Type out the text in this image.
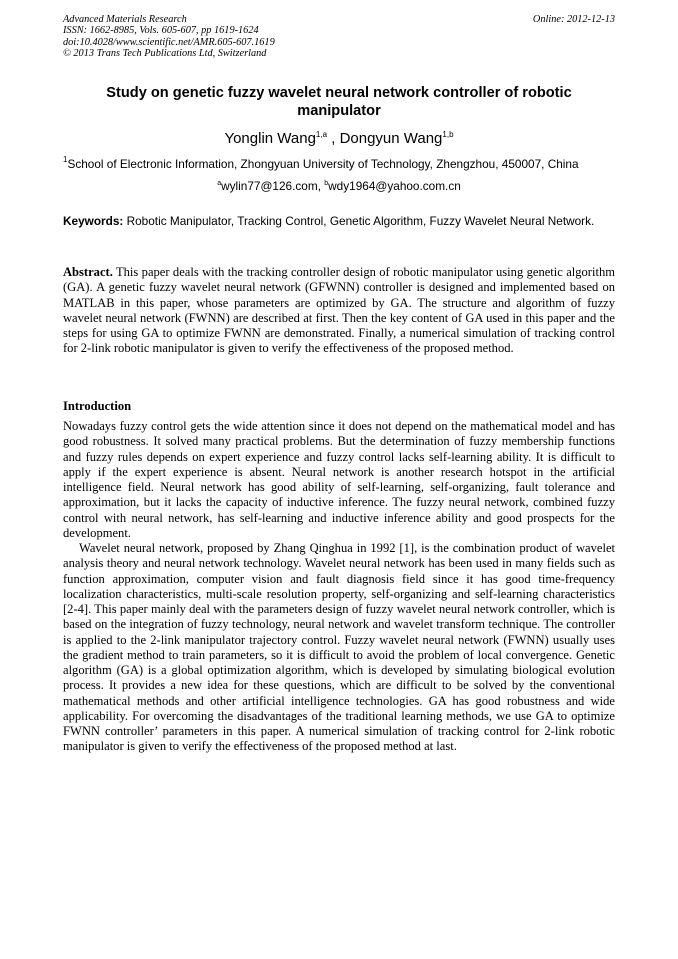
Advanced Materials Research
ISSN: 1662-8985, Vols. 605-607, pp 1619-1624
doi:10.4028/www.scientific.net/AMR.605-607.1619
© 2013 Trans Tech Publications Ltd, Switzerland
Online: 2012-12-13
Study on genetic fuzzy wavelet neural network controller of robotic manipulator
Yonglin Wang$^{1,a}$ , Dongyun Wang$^{1,b}$
$^1$School of Electronic Information, Zhongyuan University of Technology, Zhengzhou, 450007, China
$^a$wylin77@126.com, $^b$wdy1964@yahoo.com.cn
Keywords: Robotic Manipulator, Tracking Control, Genetic Algorithm, Fuzzy Wavelet Neural Network.
Abstract. This paper deals with the tracking controller design of robotic manipulator using genetic algorithm (GA). A genetic fuzzy wavelet neural network (GFWNN) controller is designed and implemented based on MATLAB in this paper, whose parameters are optimized by GA. The structure and algorithm of fuzzy wavelet neural network (FWNN) are described at first. Then the key content of GA used in this paper and the steps for using GA to optimize FWNN are demonstrated. Finally, a numerical simulation of tracking control for 2-link robotic manipulator is given to verify the effectiveness of the proposed method.
Introduction

Nowadays fuzzy control gets the wide attention since it does not depend on the mathematical model and has good robustness. It solved many practical problems. But the determination of fuzzy membership functions and fuzzy rules depends on expert experience and fuzzy control lacks self-learning ability. It is difficult to apply if the expert experience is absent. Neural network is another research hotspot in the artificial intelligence field. Neural network has good ability of self-learning, self-organizing, fault tolerance and approximation, but it lacks the capacity of inductive inference. The fuzzy neural network, combined fuzzy control with neural network, has self-learning and inductive inference ability and good prospects for the development.

Wavelet neural network, proposed by Zhang Qinghua in 1992 [1], is the combination product of wavelet analysis theory and neural network technology. Wavelet neural network has been used in many fields such as function approximation, computer vision and fault diagnosis field since it has good time-frequency localization characteristics, multi-scale resolution property, self-organizing and self-learning characteristics [2-4]. This paper mainly deal with the parameters design of fuzzy wavelet neural network controller, which is based on the integration of fuzzy technology, neural network and wavelet transform technique. The controller is applied to the 2-link manipulator trajectory control. Fuzzy wavelet neural network (FWNN) usually uses the gradient method to train parameters, so it is difficult to avoid the problem of local convergence. Genetic algorithm (GA) is a global optimization algorithm, which is developed by simulating biological evolution process. It provides a new idea for these questions, which are difficult to be solved by the conventional mathematical methods and other artificial intelligence technologies. GA has good robustness and wide applicability. For overcoming the disadvantages of the traditional learning methods, we use GA to optimize FWNN controller’ parameters in this paper. A numerical simulation of tracking control for 2-link robotic manipulator is given to verify the effectiveness of the proposed method at last.
